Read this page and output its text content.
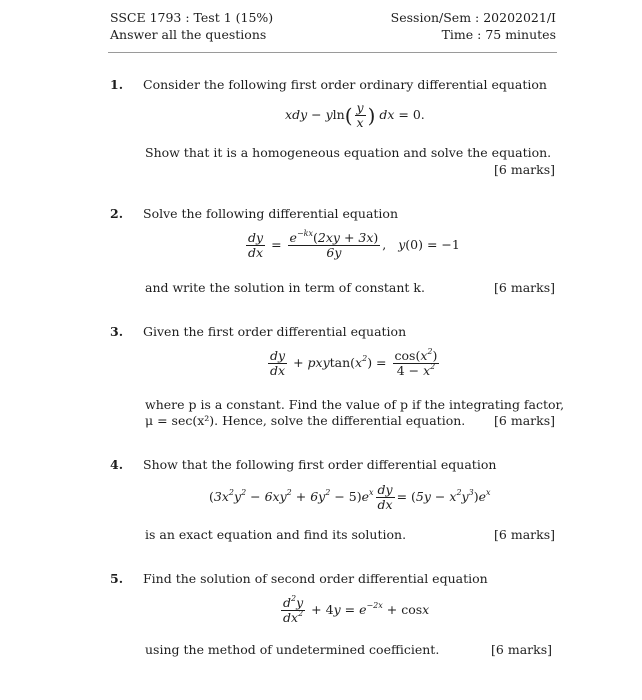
SSCE 1793 : Test 1 (15%)
Answer all the questions
Session/Sem : 20202021/I
Time : 75 minutes
1. Consider the following first order ordinary differential equation
xdy − $yln( \frac{y}{x}$ ) dx = 0.
Show that it is a homogeneous equation and solve the equation.
[6 marks]
2. Solve the following differential equation
$\frac{dy}{dx} = \frac{e^{-kx}(2xy + 3x)}{6y}$ ,   y(0) = −1
and write the solution in term of constant k.	[6 marks]
3. Given the first order differential equation
$\frac{dy}{dx} + pxytan(x^2) = \frac{\cos(x^2)}{4 - x^2}$
where p is a constant. Find the value of p if the integrating factor,
μ = sec(x²). Hence, solve the differential equation. [6 marks]
4. Show that the following first order differential equation
$(3x^2y^2 - 6xy^2 + 6y^2 - 5)e^x \frac{dy}{dx} = (5y - x^2y^3)e^x$
is an exact equation and find its solution.	[6 marks]
5. Find the solution of second order differential equation
$\frac{d^2y}{dx^2} + 4y = e^{-2x} + \cos x$
using the method of undetermined coefficient.	[6 marks]
